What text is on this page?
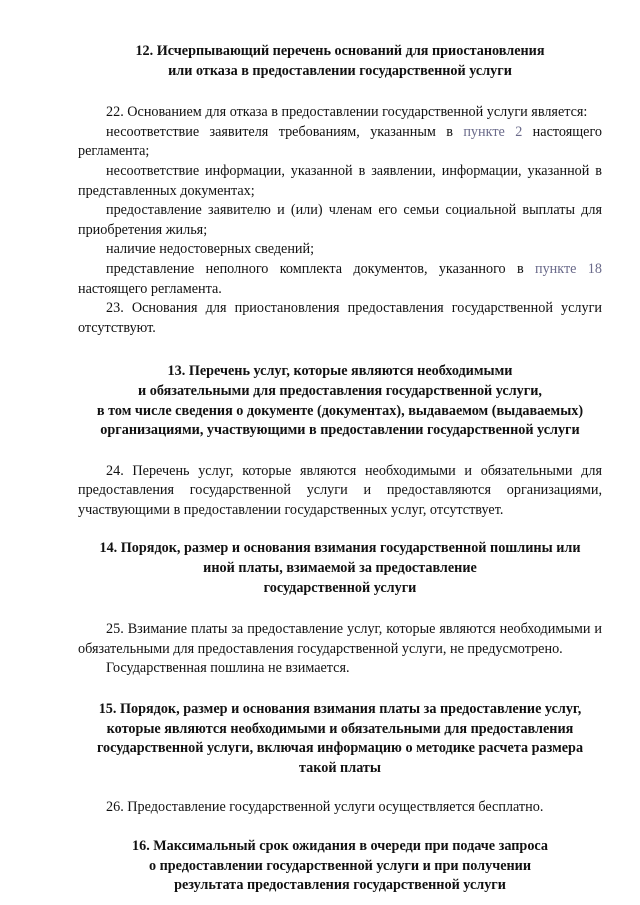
12. Исчерпывающий перечень оснований для приостановления
или отказа в предоставлении государственной услуги

22. Основанием для отказа в предоставлении государственной услуги является:

несоответствие заявителя требованиям, указанным в пункте 2 настоящего регламента;

несоответствие информации, указанной в заявлении, информации, указанной в представленных документах;

предоставление заявителю и (или) членам его семьи социальной выплаты для приобретения жилья;

наличие недостоверных сведений;

представление неполного комплекта документов, указанного в пункте 18 настоящего регламента.

23. Основания для приостановления предоставления государственной услуги отсутствуют.

13. Перечень услуг, которые являются необходимыми
и обязательными для предоставления государственной услуги,
в том числе сведения о документе (документах), выдаваемом (выдаваемых)
организациями, участвующими в предоставлении государственной услуги

24. Перечень услуг, которые являются необходимыми и обязательными для предоставления государственной услуги и предоставляются организациями, участвующими в предоставлении государственных услуг, отсутствует.

14. Порядок, размер и основания взимания государственной пошлины или
иной платы, взимаемой за предоставление
государственной услуги

25. Взимание платы за предоставление услуг, которые являются необходимыми и обязательными для предоставления государственной услуги, не предусмотрено.

Государственная пошлина не взимается.

15. Порядок, размер и основания взимания платы за предоставление услуг,
которые являются необходимыми и обязательными для предоставления
государственной услуги, включая информацию о методике расчета размера
такой платы

26. Предоставление государственной услуги осуществляется бесплатно.

16. Максимальный срок ожидания в очереди при подаче запроса
о предоставлении государственной услуги и при получении
результата предоставления государственной услуги
